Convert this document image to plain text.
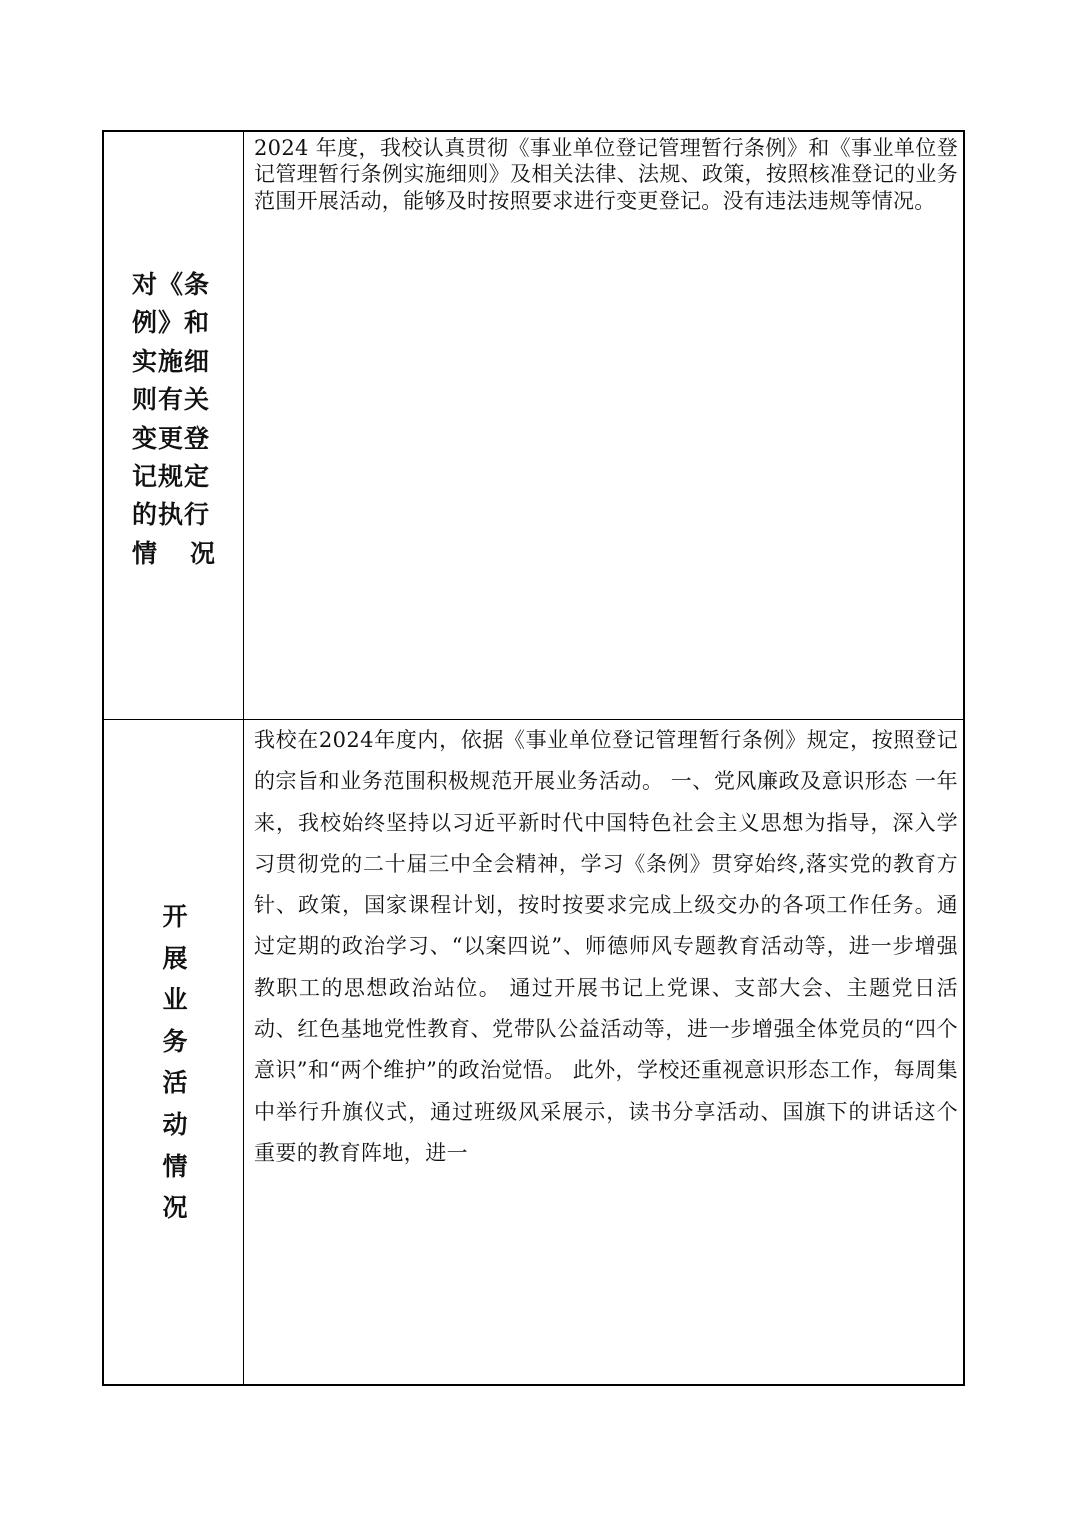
对《条
例》和
实施细
则有关
变更登
记规定
的执行
情 况
2024 年度，我校认真贯彻《事业单位登记管理暂行条例》和《事业单位登记管理暂行条例实施细则》及相关法律、法规、政策，按照核准登记的业务范围开展活动，能够及时按照要求进行变更登记。没有违法违规等情况。
开展业务活动情况
我校在2024年度内，依据《事业单位登记管理暂行条例》规定，按照登记的宗旨和业务范围积极规范开展业务活动。 一、党风廉政及意识形态 一年来，我校始终坚持以习近平新时代中国特色社会主义思想为指导，深入学习贯彻党的二十届三中全会精神，学习《条例》贯穿始终,落实党的教育方针、政策，国家课程计划，按时按要求完成上级交办的各项工作任务。通过定期的政治学习、“以案四说”、师德师风专题教育活动等，进一步增强教职工的思想政治站位。 通过开展书记上党课、支部大会、主题党日活动、红色基地党性教育、党带队公益活动等，进一步增强全体党员的“四个意识”和“两个维护”的政治觉悟。 此外，学校还重视意识形态工作，每周集中举行升旗仪式，通过班级风采展示，读书分享活动、国旗下的讲话这个重要的教育阵地，进一
